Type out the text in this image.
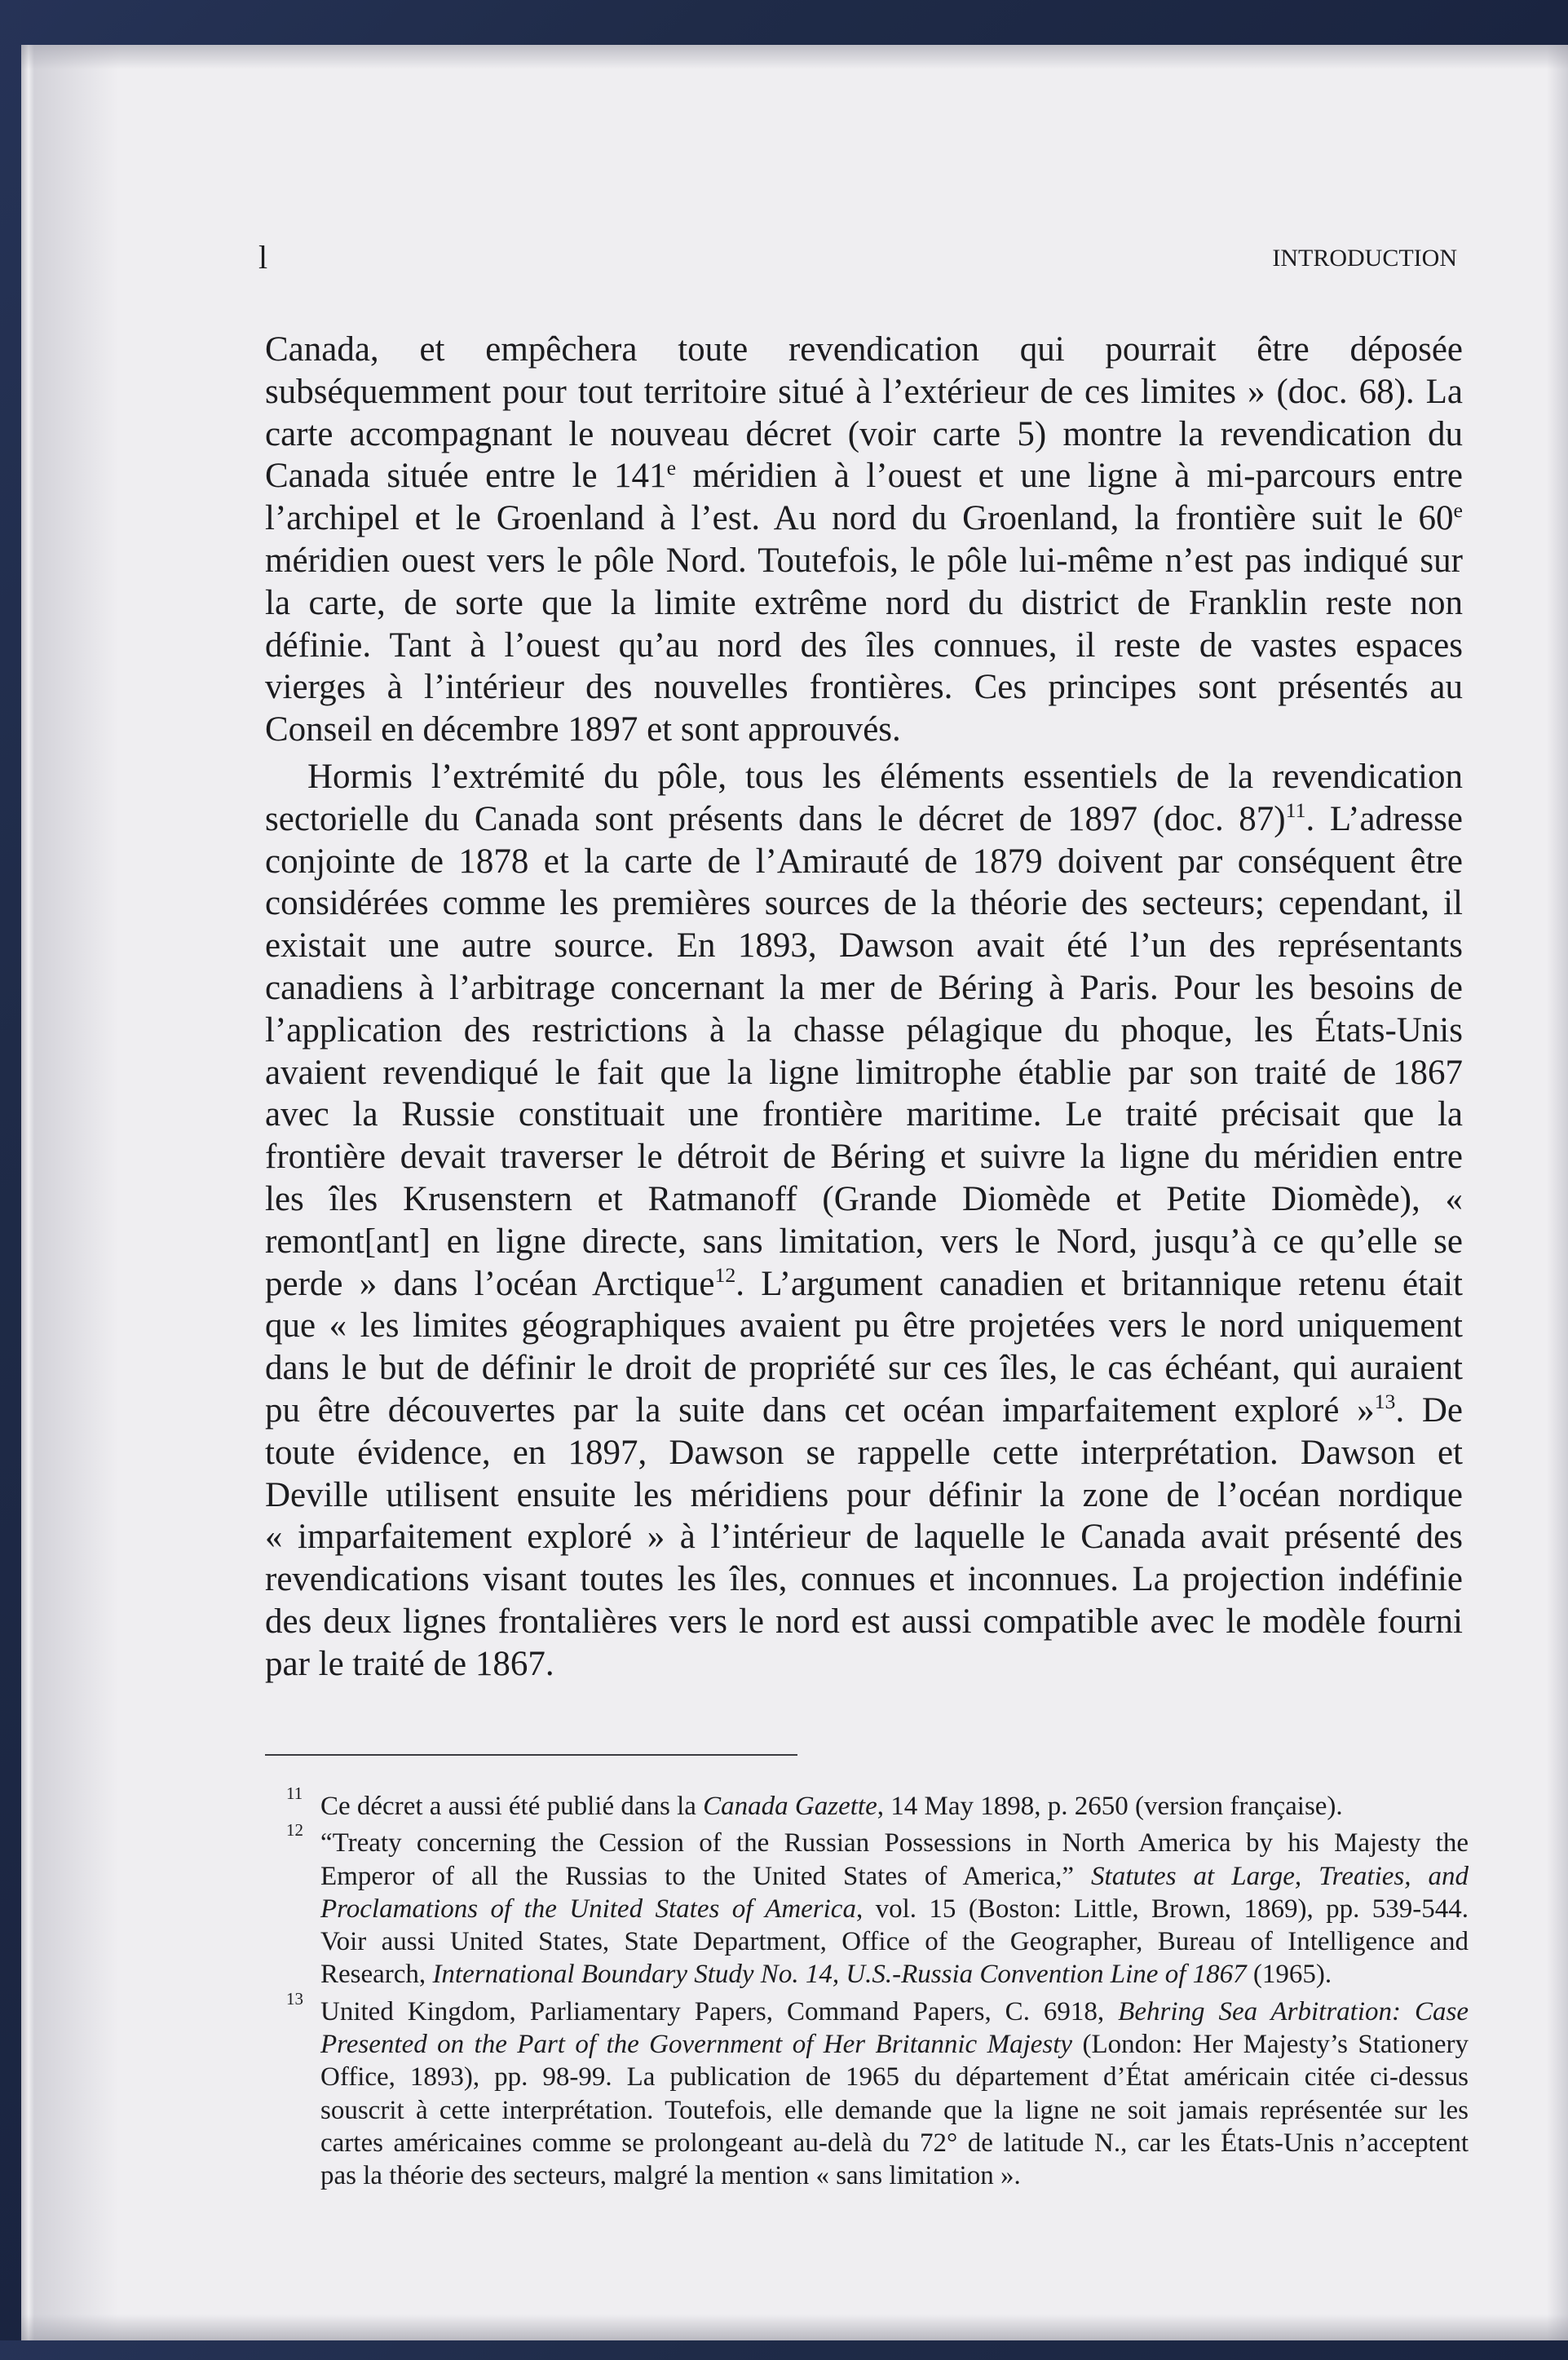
l	INTRODUCTION
Canada, et empêchera toute revendication qui pourrait être déposée
subséquemment pour tout territoire situé à l’extérieur de ces limites » (doc. 68). La
carte accompagnant le nouveau décret (voir carte 5) montre la revendication du
Canada située entre le 141e méridien à l’ouest et une ligne à mi-parcours entre
l’archipel et le Groenland à l’est. Au nord du Groenland, la frontière suit le 60e
méridien ouest vers le pôle Nord. Toutefois, le pôle lui-même n’est pas indiqué sur
la carte, de sorte que la limite extrême nord du district de Franklin reste non
définie. Tant à l’ouest qu’au nord des îles connues, il reste de vastes espaces
vierges à l’intérieur des nouvelles frontières. Ces principes sont présentés au
Conseil en décembre 1897 et sont approuvés.
Hormis l’extrémité du pôle, tous les éléments essentiels de la revendication
sectorielle du Canada sont présents dans le décret de 1897 (doc. 87)$^{11}$. L’adresse
conjointe de 1878 et la carte de l’Amirauté de 1879 doivent par conséquent être
considérées comme les premières sources de la théorie des secteurs; cependant, il
existait une autre source. En 1893, Dawson avait été l’un des représentants
canadiens à l’arbitrage concernant la mer de Béring à Paris. Pour les besoins de
l’application des restrictions à la chasse pélagique du phoque, les États-Unis
avaient revendiqué le fait que la ligne limitrophe établie par son traité de 1867
avec la Russie constituait une frontière maritime. Le traité précisait que la
frontière devait traverser le détroit de Béring et suivre la ligne du méridien entre
les îles Krusenstern et Ratmanoff (Grande Diomède et Petite Diomède), «
remont[ant] en ligne directe, sans limitation, vers le Nord, jusqu’à ce qu’elle se
perde » dans l’océan Arctique$^{12}$. L’argument canadien et britannique retenu était
que « les limites géographiques avaient pu être projetées vers le nord uniquement
dans le but de définir le droit de propriété sur ces îles, le cas échéant, qui auraient
pu être découvertes par la suite dans cet océan imparfaitement exploré »$^{13}$. De
toute évidence, en 1897, Dawson se rappelle cette interprétation. Dawson et
Deville utilisent ensuite les méridiens pour définir la zone de l’océan nordique
« imparfaitement exploré » à l’intérieur de laquelle le Canada avait présenté des
revendications visant toutes les îles, connues et inconnues. La projection indéfinie
des deux lignes frontalières vers le nord est aussi compatible avec le modèle fourni
par le traité de 1867.
11 Ce décret a aussi été publié dans la Canada Gazette, 14 May 1898, p. 2650 (version française).
12 “Treaty concerning the Cession of the Russian Possessions in North America by his Majesty the
Emperor of all the Russias to the United States of America,” Statutes at Large, Treaties, and
Proclamations of the United States of America, vol. 15 (Boston: Little, Brown, 1869), pp. 539-544.
Voir aussi United States, State Department, Office of the Geographer, Bureau of Intelligence and
Research, International Boundary Study No. 14, U.S.-Russia Convention Line of 1867 (1965).
13 United Kingdom, Parliamentary Papers, Command Papers, C. 6918, Behring Sea Arbitration: Case
Presented on the Part of the Government of Her Britannic Majesty (London: Her Majesty’s Stationery
Office, 1893), pp. 98-99. La publication de 1965 du département d’État américain citée ci-dessus
souscrit à cette interprétation. Toutefois, elle demande que la ligne ne soit jamais représentée sur les
cartes américaines comme se prolongeant au-delà du 72° de latitude N., car les États-Unis n’acceptent
pas la théorie des secteurs, malgré la mention « sans limitation ».
